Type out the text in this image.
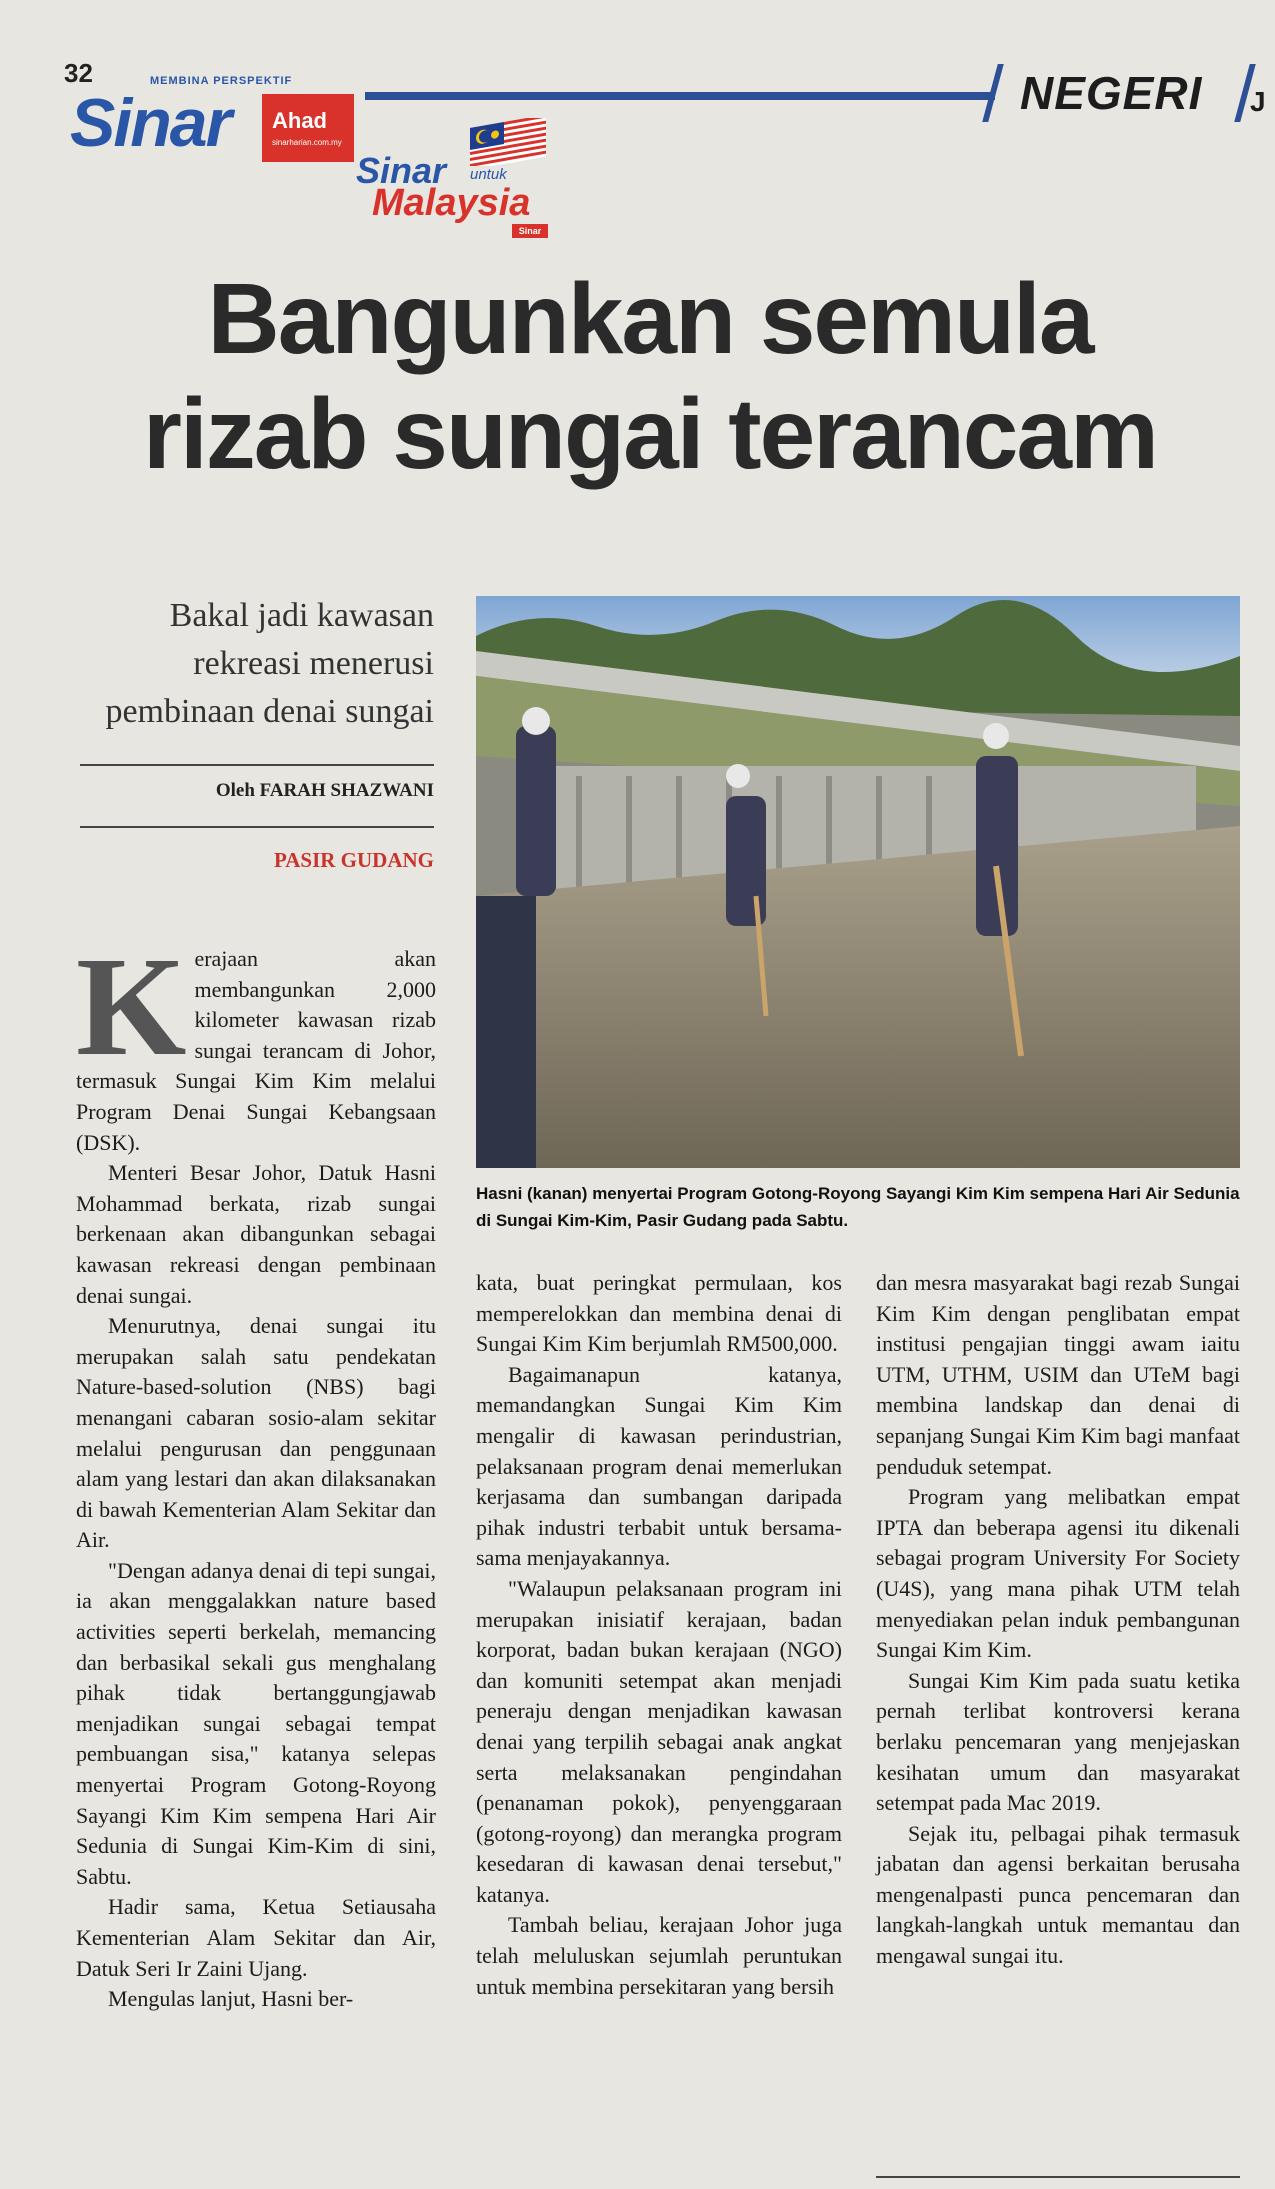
32	NEGERI J
MEMBINA PERSPEKTIF
Sinar	Ahad
sinarharian.com.my
Sinar untuk
Malaysia
Sinar
Bangunkan semula
rizab sungai terancam

Bakal jadi kawasan rekreasi menerusi pembinaan denai sungai

Oleh FARAH SHAZWANI
PASIR GUDANG

Hasni (kanan) menyertai Program Gotong-Royong Sayangi Kim Kim sempena Hari Air Sedunia di Sungai Kim-Kim, Pasir Gudang pada Sabtu.

K erajaan akan membangunkan 2,000 kilometer kawasan rizab sungai terancam di Johor, termasuk Sungai Kim Kim melalui Program Denai Sungai Kebangsaan (DSK).

Menteri Besar Johor, Datuk Hasni Mohammad berkata, rizab sungai berkenaan akan dibangunkan sebagai kawasan rekreasi dengan pembinaan denai sungai.

Menurutnya, denai sungai itu merupakan salah satu pendekatan Nature-based-solution (NBS) bagi menangani cabaran sosio-alam sekitar melalui pengurusan dan penggunaan alam yang lestari dan akan dilaksanakan di bawah Kementerian Alam Sekitar dan Air.

"Dengan adanya denai di tepi sungai, ia akan menggalakkan nature based activities seperti berkelah, memancing dan berbasikal sekali gus menghalang pihak tidak bertanggungjawab menjadikan sungai sebagai tempat pembuangan sisa," katanya selepas menyertai Program Gotong-Royong Sayangi Kim Kim sempena Hari Air Sedunia di Sungai Kim-Kim di sini, Sabtu.

Hadir sama, Ketua Setiausaha Kementerian Alam Sekitar dan Air, Datuk Seri Ir Zaini Ujang.

Mengulas lanjut, Hasni ber-

kata, buat peringkat permulaan, kos memperelokkan dan membina denai di Sungai Kim Kim berjumlah RM500,000.

Bagaimanapun katanya, memandangkan Sungai Kim Kim mengalir di kawasan perindustrian, pelaksanaan program denai memerlukan kerjasama dan sumbangan daripada pihak industri terbabit untuk bersama-sama menjayakannya.

"Walaupun pelaksanaan program ini merupakan inisiatif kerajaan, badan korporat, badan bukan kerajaan (NGO) dan komuniti setempat akan menjadi peneraju dengan menjadikan kawasan denai yang terpilih sebagai anak angkat serta melaksanakan pengindahan (penanaman pokok), penyenggaraan (gotong-royong) dan merangka program kesedaran di kawasan denai tersebut," katanya.

Tambah beliau, kerajaan Johor juga telah meluluskan sejumlah peruntukan untuk membina persekitaran yang bersih

dan mesra masyarakat bagi rezab Sungai Kim Kim dengan penglibatan empat institusi pengajian tinggi awam iaitu UTM, UTHM, USIM dan UTeM bagi membina landskap dan denai di sepanjang Sungai Kim Kim bagi manfaat penduduk setempat.

Program yang melibatkan empat IPTA dan beberapa agensi itu dikenali sebagai program University For Society (U4S), yang mana pihak UTM telah menyediakan pelan induk pembangunan Sungai Kim Kim.

Sungai Kim Kim pada suatu ketika pernah terlibat kontroversi kerana berlaku pencemaran yang menjejaskan kesihatan umum dan masyarakat setempat pada Mac 2019.

Sejak itu, pelbagai pihak termasuk jabatan dan agensi berkaitan berusaha mengenalpasti punca pencemaran dan langkah-langkah untuk memantau dan mengawal sungai itu.
